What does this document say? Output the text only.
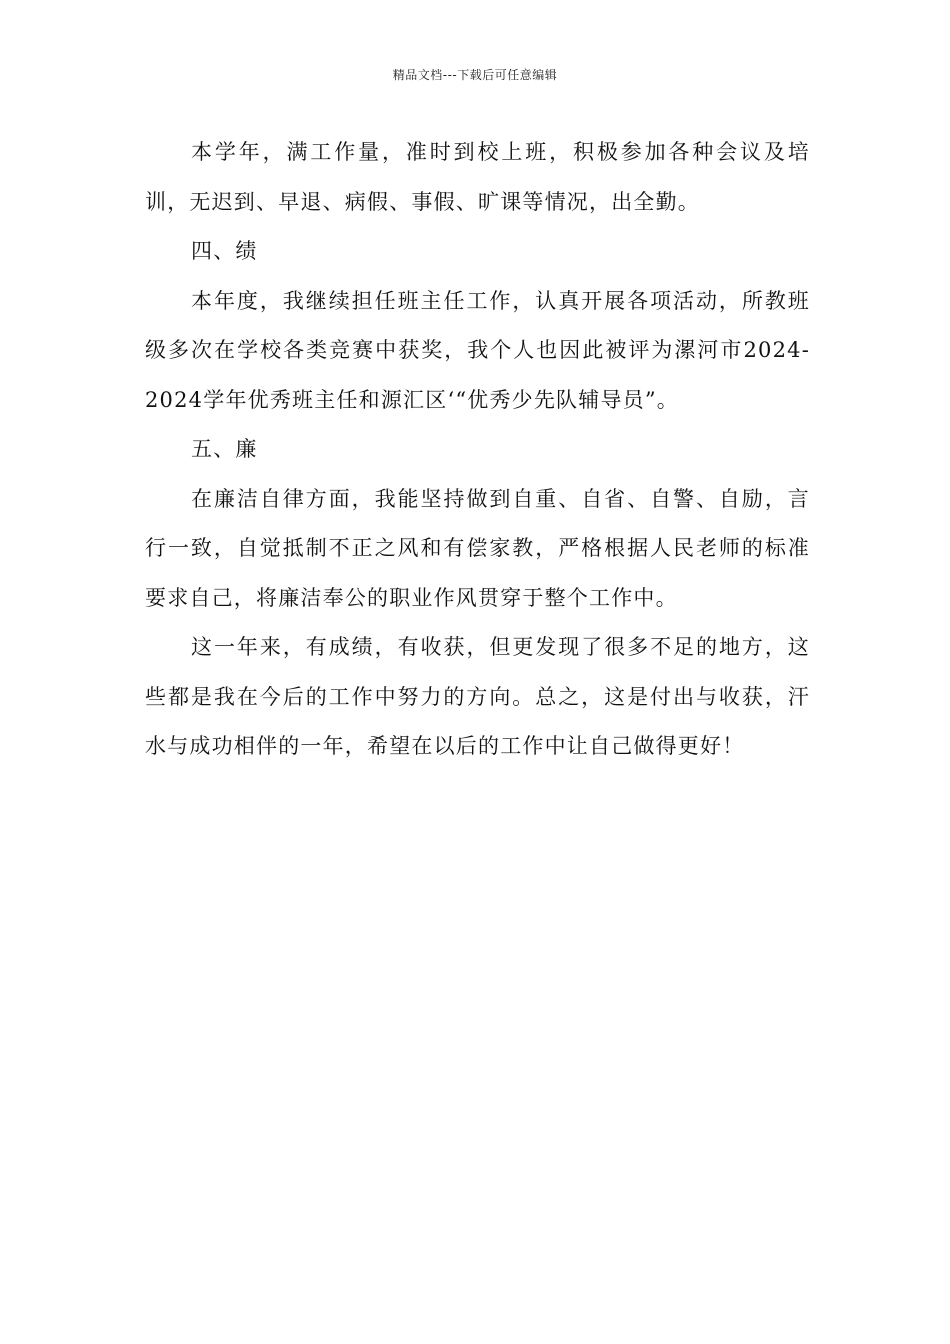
精品文档---下载后可任意编辑

本学年，满工作量，准时到校上班，积极参加各种会议及培训，无迟到、早退、病假、事假、旷课等情况，出全勤。

四、绩

本年度，我继续担任班主任工作，认真开展各项活动，所教班级多次在学校各类竞赛中获奖，我个人也因此被评为漯河市2024-2024学年优秀班主任和源汇区‘“优秀少先队辅导员”。

五、廉

在廉洁自律方面，我能坚持做到自重、自省、自警、自励，言行一致，自觉抵制不正之风和有偿家教，严格根据人民老师的标准要求自己，将廉洁奉公的职业作风贯穿于整个工作中。

这一年来，有成绩，有收获，但更发现了很多不足的地方，这些都是我在今后的工作中努力的方向。总之，这是付出与收获，汗水与成功相伴的一年，希望在以后的工作中让自己做得更好！
